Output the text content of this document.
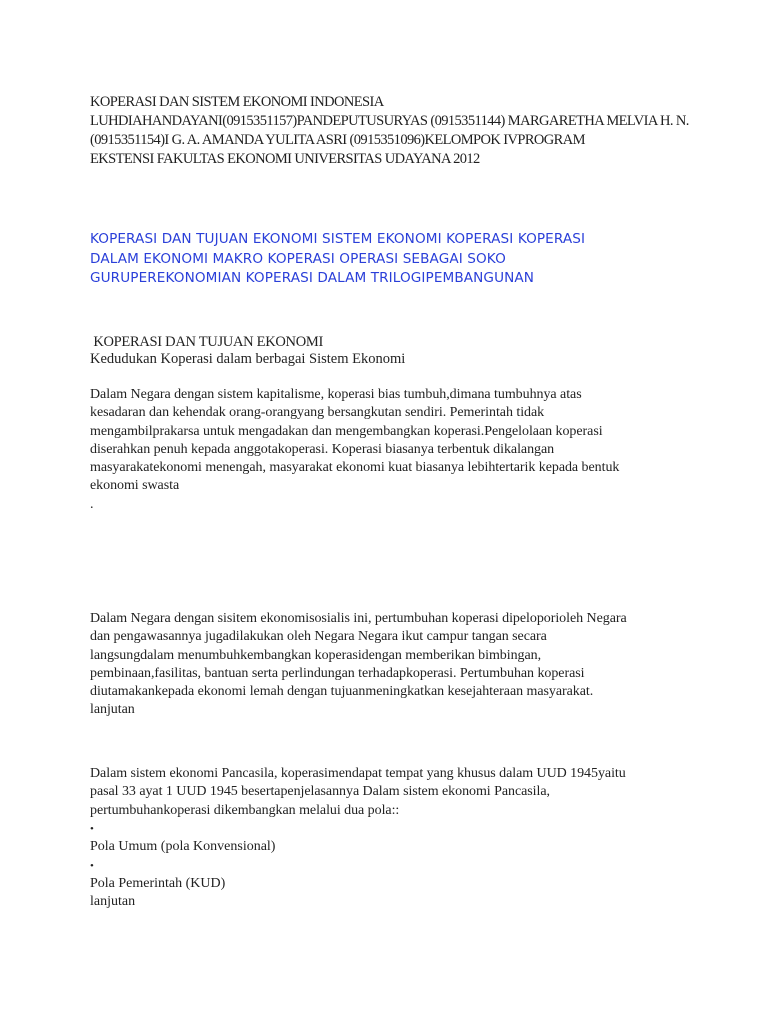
KOPERASI DAN SISTEM EKONOMI INDONESIA
LUHDIAHANDAYANI(0915351157)PANDEPUTUSURYAS (0915351144) MARGARETHA MELVIA H. N.
(0915351154)I G. A. AMANDA YULITA ASRI (0915351096)KELOMPOK IVPROGRAM
EKSTENSI FAKULTAS EKONOMI UNIVERSITAS UDAYANA 2012
KOPERASI DAN TUJUAN EKONOMI SISTEM EKONOMI KOPERASI KOPERASI
DALAM EKONOMI MAKRO KOPERASI OPERASI SEBAGAI SOKO
GURUPEREKONOMIAN KOPERASI DALAM TRILOGIPEMBANGUNAN
KOPERASI DAN TUJUAN EKONOMI
Kedudukan Koperasi dalam berbagai Sistem Ekonomi
Dalam Negara dengan sistem kapitalisme, koperasi bias tumbuh,dimana tumbuhnya atas
kesadaran dan kehendak orang-orangyang bersangkutan sendiri. Pemerintah tidak
mengambilprakarsa untuk mengadakan dan mengembangkan koperasi.Pengelolaan koperasi
diserahkan penuh kepada anggotakoperasi. Koperasi biasanya terbentuk dikalangan
masyarakatekonomi menengah, masyarakat ekonomi kuat biasanya lebihtertarik kepada bentuk
ekonomi swasta
.
Dalam Negara dengan sisitem ekonomisosialis ini, pertumbuhan koperasi dipeloporioleh Negara
dan pengawasannya jugadilakukan oleh Negara Negara ikut campur tangan secara
langsungdalam menumbuhkembangkan koperasidengan memberikan bimbingan,
pembinaan,fasilitas, bantuan serta perlindungan terhadapkoperasi. Pertumbuhan koperasi
diutamakankepada ekonomi lemah dengan tujuanmeningkatkan kesejahteraan masyarakat.
lanjutan
Dalam sistem ekonomi Pancasila, koperasimendapat tempat yang khusus dalam UUD 1945yaitu
pasal 33 ayat 1 UUD 1945 besertapenjelasannya Dalam sistem ekonomi Pancasila,
pertumbuhankoperasi dikembangkan melalui dua pola::
•
Pola Umum (pola Konvensional)
•
Pola Pemerintah (KUD)
lanjutan
